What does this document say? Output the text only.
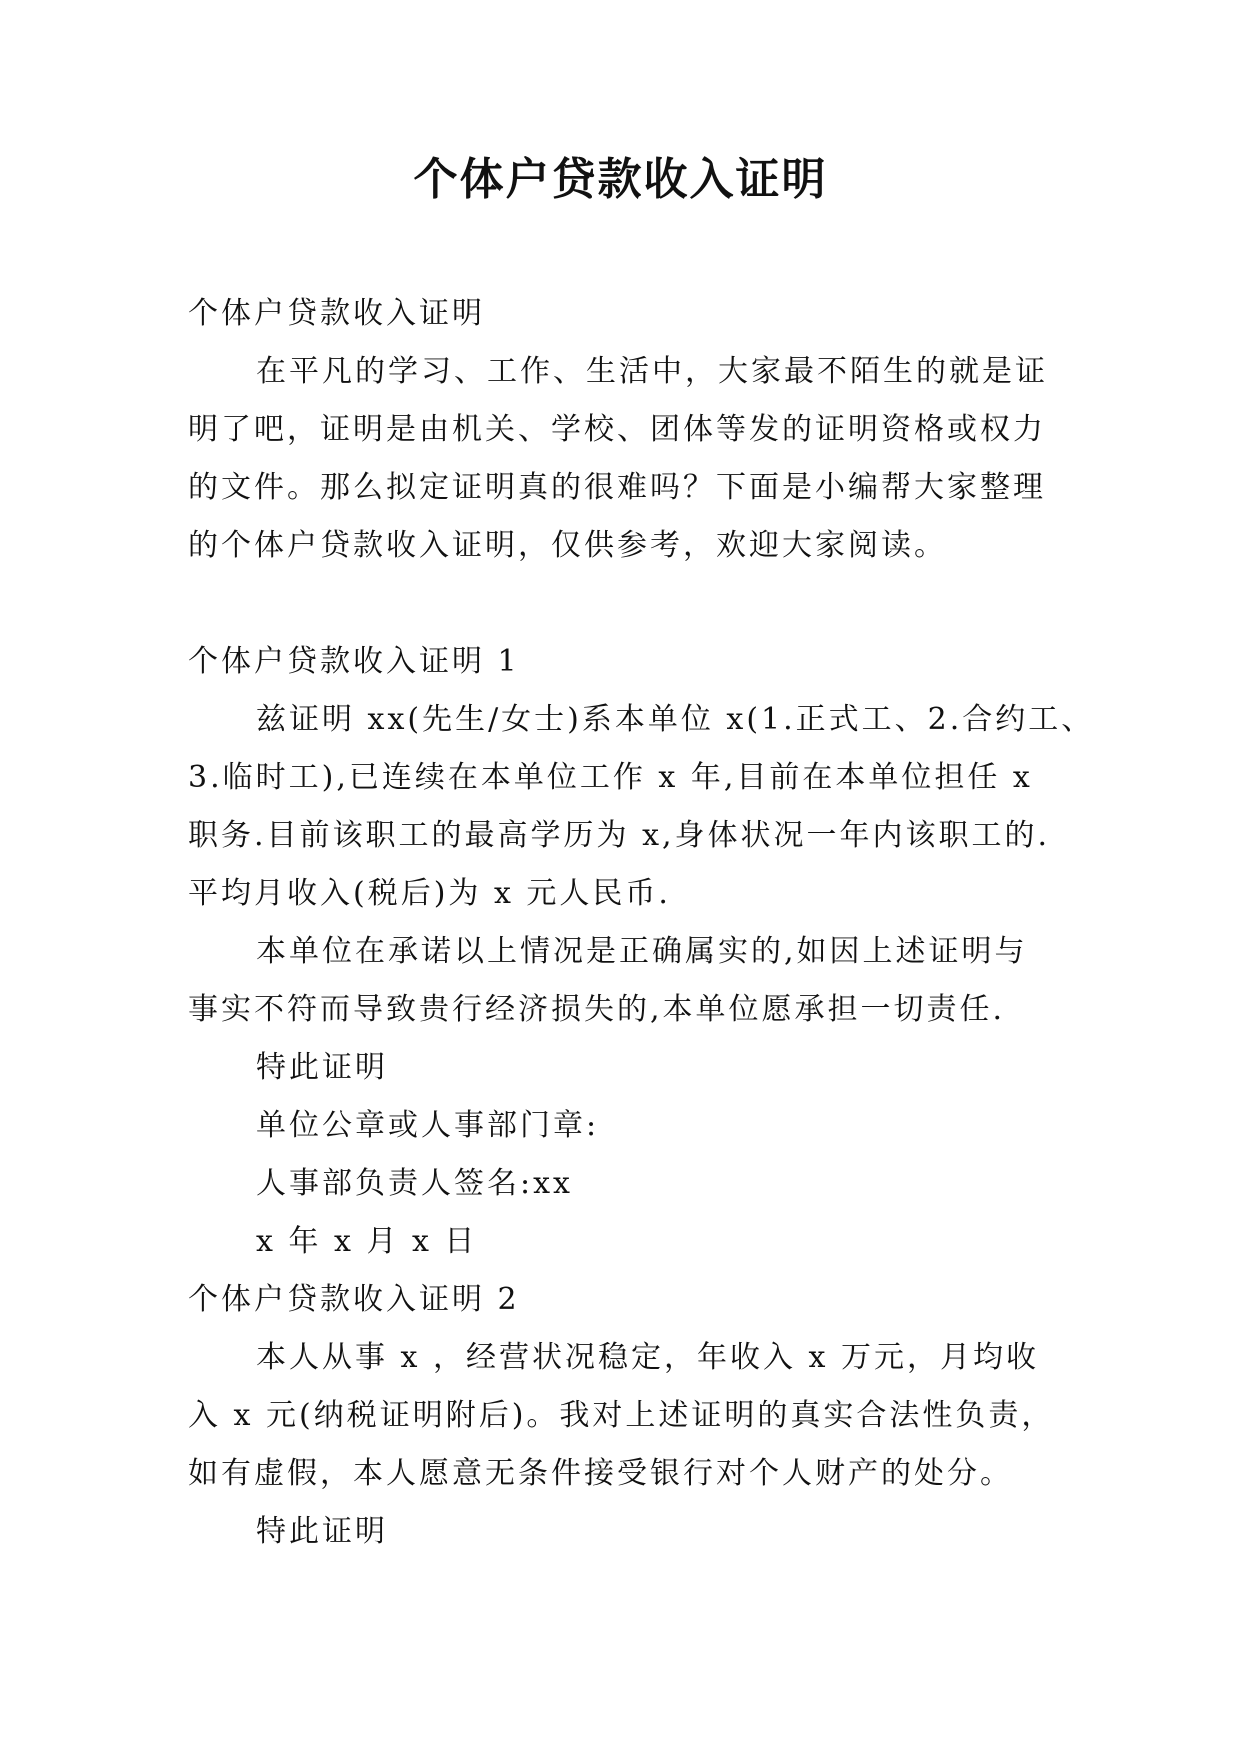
个体户贷款收入证明

个体户贷款收入证明

在平凡的学习、工作、生活中，大家最不陌生的就是证

明了吧，证明是由机关、学校、团体等发的证明资格或权力

的文件。那么拟定证明真的很难吗？下面是小编帮大家整理

的个体户贷款收入证明，仅供参考，欢迎大家阅读。

个体户贷款收入证明 1

兹证明 xx(先生/女士)系本单位 x(1.正式工、2.合约工、

3.临时工),已连续在本单位工作 x 年,目前在本单位担任 x

职务.目前该职工的最高学历为 x,身体状况一年内该职工的.

平均月收入(税后)为 x 元人民币.

本单位在承诺以上情况是正确属实的,如因上述证明与

事实不符而导致贵行经济损失的,本单位愿承担一切责任.

特此证明

单位公章或人事部门章:

人事部负责人签名:xx

x 年 x 月 x 日

个体户贷款收入证明 2

本人从事 x ，经营状况稳定，年收入 x 万元，月均收

入 x 元(纳税证明附后)。我对上述证明的真实合法性负责，

如有虚假，本人愿意无条件接受银行对个人财产的处分。

特此证明
